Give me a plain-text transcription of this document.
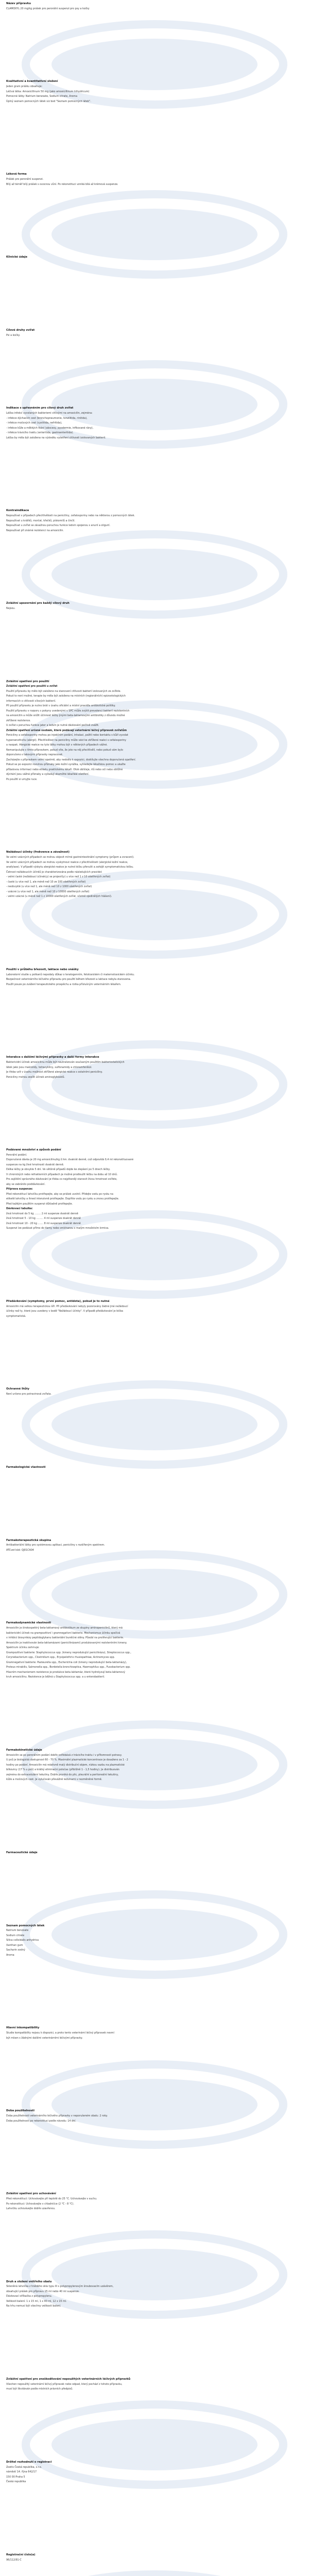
Název přípravku
CLAMOXYL 20 mg/kg prášek pro perorální suspenzi pro psy a kočky
Kvalitativní a kvantitativní složení
Jeden gram prášku obsahuje:
Léčivá látka: Amoxicillinum 50 mg (jako amoxicillinum trihydricum)
Pomocné látky: Natrium benzoate, Sodium citrate, Aroma
Úplný seznam pomocných látek viz bod "Seznam pomocných látek".
Léková forma
Prášek pro perorální suspenzi.
Bílý až téměř bílý prášek s ovocnou vůní. Po rekonstituci vzniká bílá až krémová suspenze.
Klinické údaje
Cílové druhy zvířat
Psi a kočky.
Indikace s upřesněním pro cílový druh zvířat
Léčba infekcí vyvolaných bakteriemi citlivými na amoxicilin, zejména:
- infekce dýchacích cest (bronchopneumonie, tonzilitida, rinitida),
- infekce močových cest (cystitida, nefritida),
- infekce kůže a měkkých tkání (abscesy, pyodermie, infikované rány),
- infekce trávicího traktu (enteritida, gastroenteritida).
Léčba by měla být založena na výsledku vyšetření citlivosti izolovaných bakterií.
Kontraindikace
Nepoužívat v případech přecitlivělosti na peniciliny, cefalosporiny nebo na některou z pomocných látek.
Nepoužívat u králíků, morčat, křečků, pískomilů a činčil.
Nepoužívat u zvířat se závažnou poruchou funkce ledvin spojenou s anurií a oligurií.
Nepoužívat při známé rezistenci na amoxicilin.
Zvláštní upozornění pro každý cílový druh
Nejsou.
Zvláštní opatření pro použití
Zvláštní opatření pro použití u zvířat
Použití přípravku by mělo být založeno na stanovení citlivosti bakterií izolovaných ze zvířete.
Pokud to není možné, terapie by měla být založena na místních (regionálních) epizootologických
informacích o citlivosti cílových bakterií.
Při použití přípravku je nutno brát v úvahu oficiální a místní pravidla antibiotické politiky.
Použití přípravku v rozporu s pokyny uvedenými v SPC může zvýšit prevalenci bakterií rezistentních
na amoxicilin a může snížit účinnost léčby jinými beta-laktamovými antibiotiky z důvodu možné
zkřížené rezistence.
U zvířat s poruchou funkce jater a ledvin je nutné dávkování pečlivě zvážit.
Zvláštní opatření určené osobám, které podávají veterinární léčivý přípravek zvířatům
Peniciliny a cefalosporiny mohou po injekčním podání, inhalaci, požití nebo kontaktu s kůží vyvolat
hypersenzitivitu (alergii). Přecitlivělost na peniciliny může vést ke zkřížené reakci s cefalosporiny
a naopak. Alergické reakce na tyto látky mohou být v některých případech vážné.
Nemanipulujte s tímto přípravkem, pokud víte, že jste na něj přecitlivělí, nebo pokud vám bylo
doporučeno s takovými přípravky nepracovat.
Zacházejte s přípravkem velmi opatrně, aby nedošlo k expozici, dodržujte všechna doporučená opatření.
Pokud se po expozici rozvinou příznaky jako kožní vyrážka, vyhledejte lékařskou pomoc a ukažte
příbalovou informaci nebo etiketu praktickému lékaři. Otok obličeje, rtů nebo očí nebo obtížné
dýchání jsou vážné příznaky a vyžadují okamžité lékařské ošetření.
Po použití si umyjte ruce.
Nežádoucí účinky (frekvence a závažnost)
Ve velmi vzácných případech se mohou objevit mírné gastrointestinální symptomy (průjem a zvracení).
Ve velmi vzácných případech se mohou vyskytnout reakce z přecitlivělosti (alergické kožní reakce,
anafylaxe). V případě výskytu alergické reakce je nutné léčbu přerušit a zahájit symptomatickou léčbu.
Četnost nežádoucích účinků je charakterizována podle následujících pravidel:
- velmi časté (nežádoucí účinek(y) se projevil(y) u více než 1 z 10 ošetřených zvířat)
- časté (u více než 1, ale méně než 10 ze 100 ošetřených zvířat)
- neobvyklé (u více než 1, ale méně než 10 z 1000 ošetřených zvířat)
- vzácné (u více než 1, ale méně než 10 z 10000 ošetřených zvířat)
- velmi vzácné (u méně než 1 z 10000 ošetřených zvířat, včetně ojedinělých hlášení).
Použití v průběhu březosti, laktace nebo snášky
Laboratorní studie u potkanů nepodaly důkaz o teratogenním, fetotoxickém či maternotoxickém účinku.
Bezpečnost veterinárního léčivého přípravku pro použití během březosti a laktace nebyla stanovena.
Použít pouze po zvážení terapeutického prospěchu a rizika příslušným veterinárním lékařem.
Interakce s dalšími léčivými přípravky a další formy interakce
Baktericidní účinek amoxicilinu může být neutralizován současným použitím bakteriostatických
látek jako jsou makrolidy, tetracykliny, sulfonamidy a chloramfenikol.
Je třeba vzít v úvahu možnost zkřížené alergické reakce s ostatními peniciliny.
Peniciliny mohou zesílit účinek aminoglykosidů.
Podávané množství a způsob podání
Perorální podání.
Doporučená dávka je 20 mg amoxicilinu/kg ž.hm. dvakrát denně, což odpovídá 0,4 ml rekonstituované
suspenze na kg živé hmotnosti dvakrát denně.
Délka léčby je obvykle 5 dní. Ve většině případů dojde ke zlepšení po 5 dnech léčby.
V chronických nebo refrakterních případech je možné prodloužit léčbu na dobu až 10 dnů.
Pro zajištění správného dávkování je třeba co nejpřesněji stanovit živou hmotnost zvířete,
aby se zabránilo poddávkování.
Příprava suspenze:
Před rekonstitucí lahvičku protřepejte, aby se prášek uvolnil. Přidejte vodu po rysku na
etiketě lahvičky a ihned intenzivně protřepejte. Doplňte vodu po rysku a znovu protřepejte.
Před každým použitím suspenzi důkladně protřepejte.
Dávkovací tabulka:
živá hmotnost do 5 kg ........ 2 ml suspenze dvakrát denně
živá hmotnost 5 - 10 kg ......... 4 ml suspenze dvakrát denně
živá hmotnost 10 - 20 kg ....... 8 ml suspenze dvakrát denně
Suspenzi lze podávat přímo do tlamy nebo smíchanou s malým množstvím krmiva.
Předávkování (symptomy, první pomoc, antidota), pokud je to nutné
Amoxicilin má velkou terapeutickou šíři. Při předávkování nebyly pozorovány žádné jiné nežádoucí
účinky než ty, které jsou uvedeny v bodě "Nežádoucí účinky". V případě předávkování je léčba
symptomatická.
Ochranné lhůty
Není určeno pro potravinová zvířata.
Farmakologické vlastnosti
Farmakoterapeutická skupina
Antibakteriální látky pro systémovou aplikaci, peniciliny s rozšířeným spektrem.
ATCvet kód: QJ01CA04
Farmakodynamické vlastnosti
Amoxicilin je širokospektrý beta-laktamový antibiotikum ze skupiny aminopenicilinů, který má
baktericidní účinek na grampozitivní i gramnegativní bakterie. Mechanismus účinku spočívá
v inhibici biosyntézy peptidoglykanu bakteriální buněčné stěny. Působí na proliferující bakterie.
Amoxicilin je inaktivován beta-laktamázami (penicilinázami) produkovanými rezistentními kmeny.
Spektrum účinku zahrnuje:
Grampozitivní bakterie: Staphylococcus spp. (kmeny neprodukující penicilinázu), Streptococcus spp.,
Corynebacterium spp., Clostridium spp., Erysipelothrix rhusiopathiae, Actinomyces spp.
Gramnegativní bakterie: Pasteurella spp., Escherichia coli (kmeny neprodukující beta-laktamázy),
Proteus mirabilis, Salmonella spp., Bordetella bronchiseptica, Haemophilus spp., Fusobacterium spp.
Hlavním mechanismem rezistence je produkce beta-laktamáz, které hydrolyzují beta-laktamový
kruh amoxicilinu. Rezistence je běžná u Staphylococcus spp. a u enterobakterií.
Farmakokinetické údaje
Amoxicilin se po perorálním podání dobře vstřebává z trávicího traktu i v přítomnosti potravy.
U psů je biologická dostupnost 60 - 70 %. Maximální plazmatické koncentrace je dosaženo za 1 - 2
hodiny po podání. Amoxicilin má relativně malý distribuční objem, nízkou vazbu na plazmatické
bílkoviny (17 % u psů) a krátký eliminační poločas (přibližně 1 - 1,5 hodiny). Je distribuován
zejména do extracelulární tekutiny. Dobře proniká do plic, pleurální a peritoneální tekutiny,
kůže a močových cest. Je vylučován převážně ledvinami v nezměněné formě.
Farmaceutické údaje
Seznam pomocných látek
Natrium benzoate
Sodium citrate
Silica colloidalis anhydrica
Xanthan gum
Sacharin sodný
Aroma
Hlavní inkompatibility
Studie kompatibility nejsou k dispozici, a proto tento veterinární léčivý přípravek nesmí
být mísen s žádnými dalšími veterinárními léčivými přípravky.
Doba použitelnosti
Doba použitelnosti veterinárního léčivého přípravku v neporušeném obalu: 2 roky.
Doba použitelnosti po rekonstituci podle návodu: 14 dní.
Zvláštní opatření pro uchovávání
Před rekonstitucí: Uchovávejte při teplotě do 25 °C. Uchovávejte v suchu.
Po rekonstituci: Uchovávejte v chladničce (2 °C - 8 °C).
Lahvičku uchovávejte dobře uzavřenou.
Druh a složení vnitřního obalu
Skleněná lahvička z hnědého skla typu III s polypropylenovým šroubovacím uzávěrem,
obsahující prášek pro přípravu 15 ml nebo 40 ml suspenze.
Dávkovací stříkačka z polypropylenu.
Velikosti balení: 1 x 15 ml, 1 x 40 ml, 12 x 15 ml.
Na trhu nemusí být všechny velikosti balení.
Zvláštní opatření pro zneškodňování nepoužitých veterinárních léčivých přípravků
Všechen nepoužitý veterinární léčivý přípravek nebo odpad, který pochází z tohoto přípravku,
musí být likvidován podle místních právních předpisů.
Držitel rozhodnutí o registraci
Zoetis Česká republika, s.r.o.
náměstí 14. října 642/17
150 00 Praha 5
Česká republika
Registrační číslo(a)
96/112/91-C
